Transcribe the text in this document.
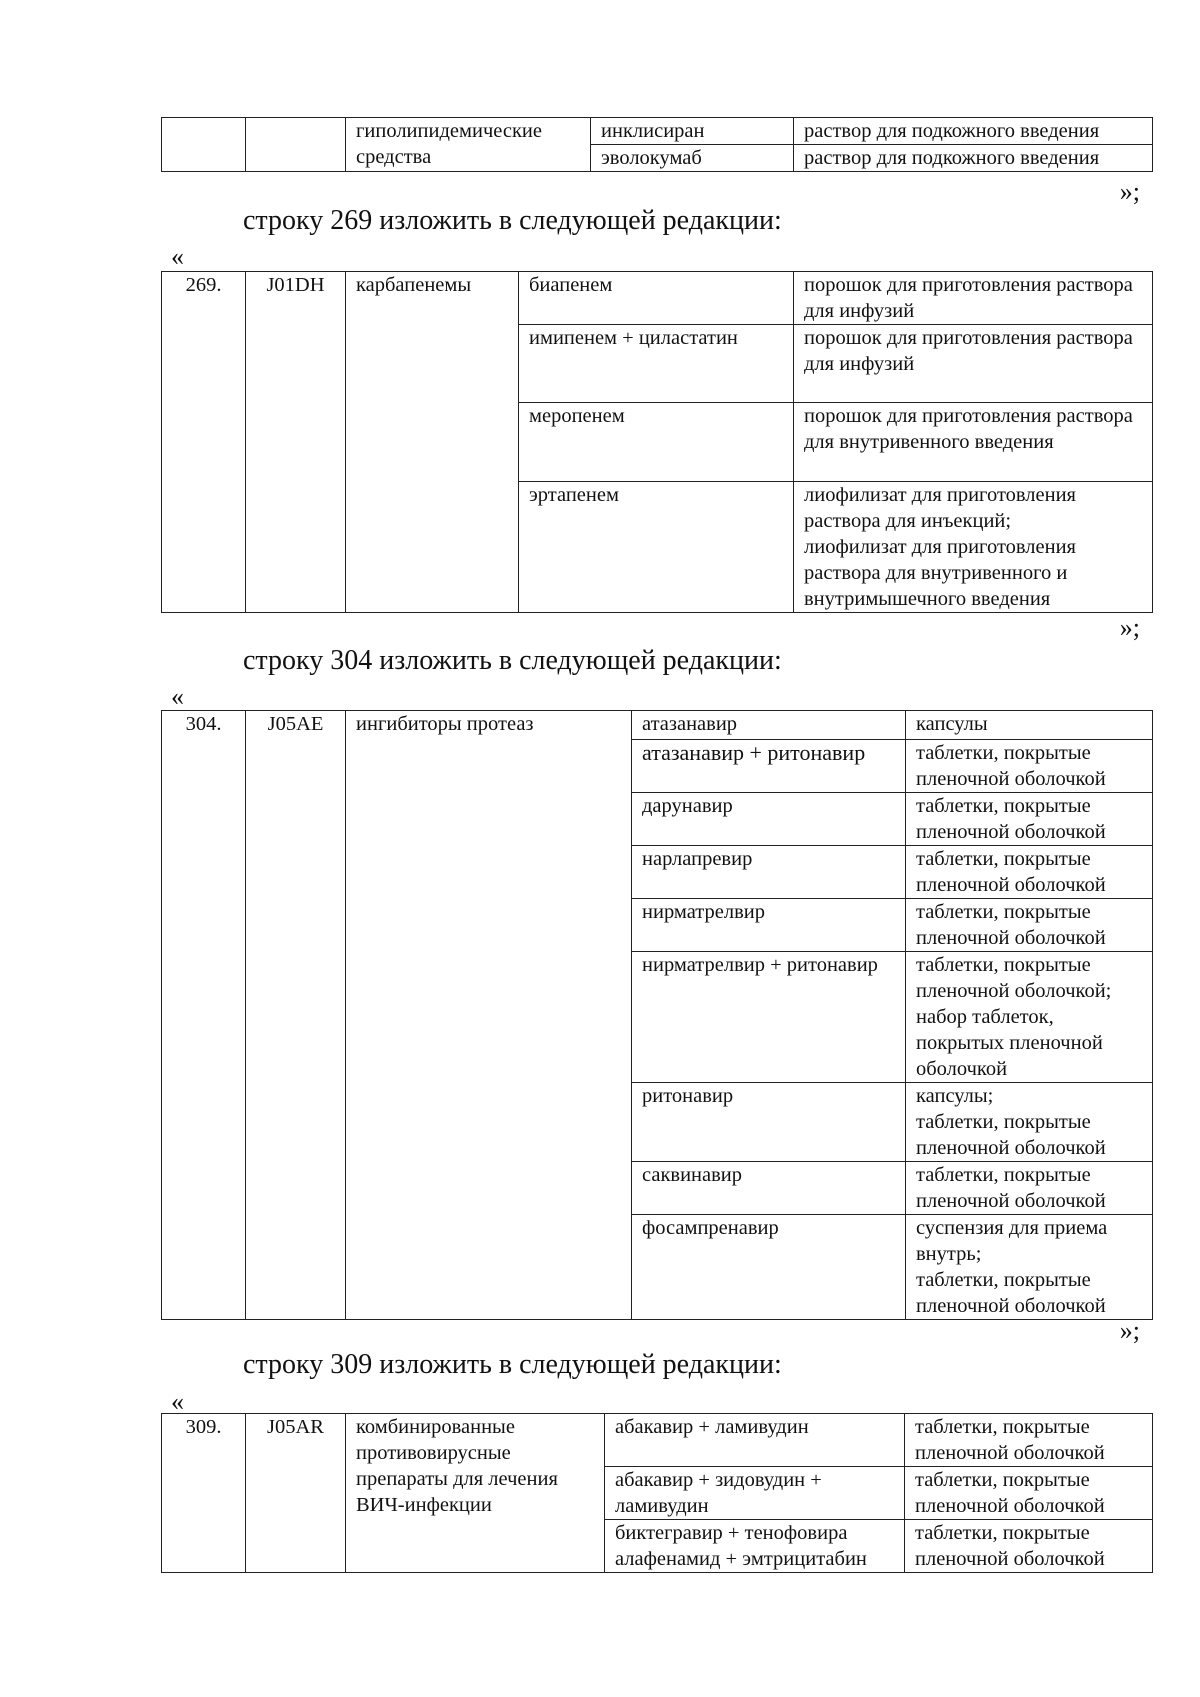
		гиполипидемические средства	инклисиран	раствор для подкожного введения
			эволокумаб	раствор для подкожного введения
»;
строку 269 изложить в следующей редакции:
«
269.	J01DH	карбапенемы	биапенем	порошок для приготовления раствора для инфузий
			имипенем + циластатин	порошок для приготовления раствора для инфузий
			меропенем	порошок для приготовления раствора для внутривенного введения
			эртапенем	лиофилизат для приготовления раствора для инъекций;
лиофилизат для приготовления раствора для внутривенного и внутримышечного введения
»;
строку 304 изложить в следующей редакции:
«
304.	J05AE	ингибиторы протеаз	атазанавир	капсулы
			атазанавир + ритонавир	таблетки, покрытые пленочной оболочкой
			дарунавир	таблетки, покрытые пленочной оболочкой
			нарлапревир	таблетки, покрытые пленочной оболочкой
			нирматрелвир	таблетки, покрытые пленочной оболочкой
			нирматрелвир + ритонавир	таблетки, покрытые пленочной оболочкой;
набор таблеток, покрытых пленочной оболочкой
			ритонавир	капсулы;
таблетки, покрытые пленочной оболочкой
			саквинавир	таблетки, покрытые пленочной оболочкой
			фосампренавир	суспензия для приема внутрь;
таблетки, покрытые пленочной оболочкой
»;
строку 309 изложить в следующей редакции:
«
309.	J05AR	комбинированные противовирусные препараты для лечения ВИЧ-инфекции	абакавир + ламивудин	таблетки, покрытые пленочной оболочкой
			абакавир + зидовудин + ламивудин	таблетки, покрытые пленочной оболочкой
			биктегравир + тенофовира алафенамид + эмтрицитабин	таблетки, покрытые пленочной оболочкой
